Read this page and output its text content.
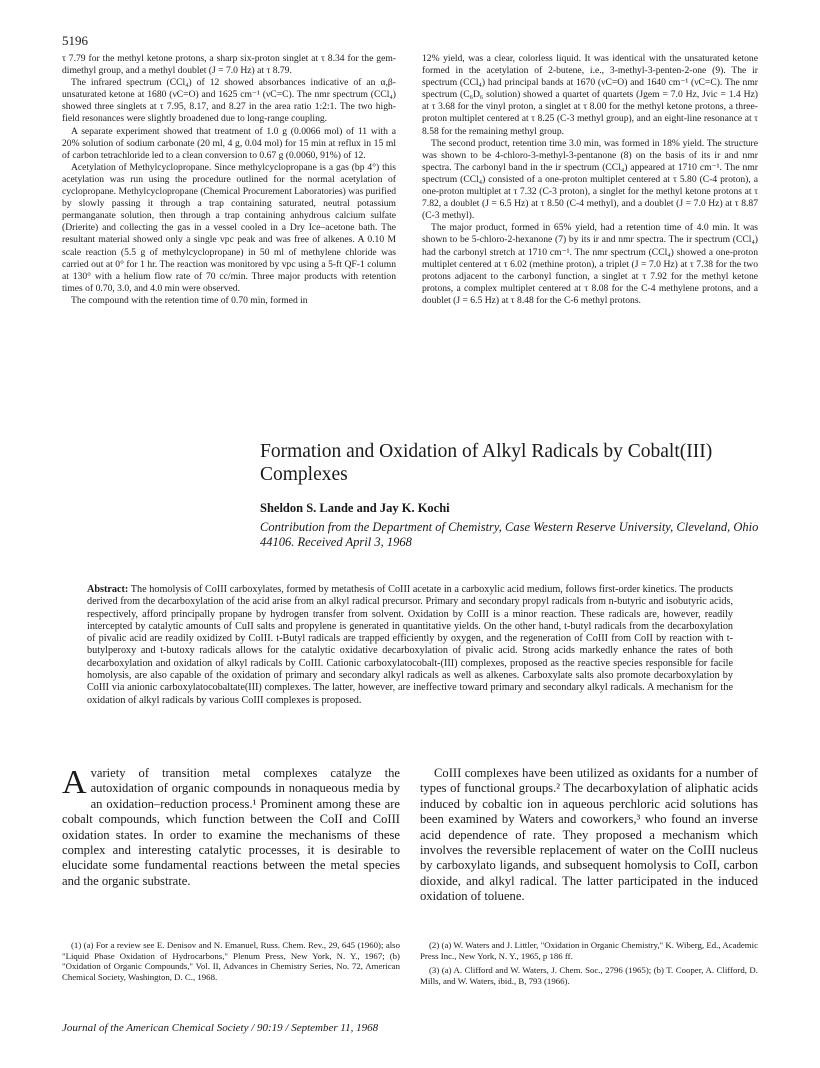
5196

τ 7.79 for the methyl ketone protons, a sharp six-proton singlet at τ 8.34 for the gem-dimethyl group, and a methyl doublet (J = 7.0 Hz) at τ 8.79.

The infrared spectrum (CCl₄) of 12 showed absorbances indicative of an α,β-unsaturated ketone at 1680 (νC=O) and 1625 cm⁻¹ (νC=C). The nmr spectrum (CCl₄) showed three singlets at τ 7.95, 8.17, and 8.27 in the area ratio 1:2:1. The two high-field resonances were slightly broadened due to long-range coupling.

A separate experiment showed that treatment of 1.0 g (0.0066 mol) of 11 with a 20% solution of sodium carbonate (20 ml, 4 g, 0.04 mol) for 15 min at reflux in 15 ml of carbon tetrachloride led to a clean conversion to 0.67 g (0.0060, 91%) of 12.

Acetylation of Methylcyclopropane. Since methylcyclopropane is a gas (bp 4°) this acetylation was run using the procedure outlined for the normal acetylation of cyclopropane. Methylcyclopropane (Chemical Procurement Laboratories) was purified by slowly passing it through a trap containing saturated, neutral potassium permanganate solution, then through a trap containing anhydrous calcium sulfate (Drierite) and collecting the gas in a vessel cooled in a Dry Ice–acetone bath. The resultant material showed only a single vpc peak and was free of alkenes. A 0.10 M scale reaction (5.5 g of methylcyclopropane) in 50 ml of methylene chloride was carried out at 0° for 1 hr. The reaction was monitored by vpc using a 5-ft QF-1 column at 130° with a helium flow rate of 70 cc/min. Three major products with retention times of 0.70, 3.0, and 4.0 min were observed.

The compound with the retention time of 0.70 min, formed in

12% yield, was a clear, colorless liquid. It was identical with the unsaturated ketone formed in the acetylation of 2-butene, i.e., 3-methyl-3-penten-2-one (9). The ir spectrum (CCl₄) had principal bands at 1670 (νC=O) and 1640 cm⁻¹ (νC=C). The nmr spectrum (C₆D₆ solution) showed a quartet of quartets (Jgem = 7.0 Hz, Jvic = 1.4 Hz) at τ 3.68 for the vinyl proton, a singlet at τ 8.00 for the methyl ketone protons, a three-proton multiplet centered at τ 8.25 (C-3 methyl group), and an eight-line resonance at τ 8.58 for the remaining methyl group.

The second product, retention time 3.0 min, was formed in 18% yield. The structure was shown to be 4-chloro-3-methyl-3-pentanone (8) on the basis of its ir and nmr spectra. The carbonyl band in the ir spectrum (CCl₄) appeared at 1710 cm⁻¹. The nmr spectrum (CCl₄) consisted of a one-proton multiplet centered at τ 5.80 (C-4 proton), a one-proton multiplet at τ 7.32 (C-3 proton), a singlet for the methyl ketone protons at τ 7.82, a doublet (J = 6.5 Hz) at τ 8.50 (C-4 methyl), and a doublet (J = 7.0 Hz) at τ 8.87 (C-3 methyl).

The major product, formed in 65% yield, had a retention time of 4.0 min. It was shown to be 5-chloro-2-hexanone (7) by its ir and nmr spectra. The ir spectrum (CCl₄) had the carbonyl stretch at 1710 cm⁻¹. The nmr spectrum (CCl₄) showed a one-proton multiplet centered at τ 6.02 (methine proton), a triplet (J = 7.0 Hz) at τ 7.38 for the two protons adjacent to the carbonyl function, a singlet at τ 7.92 for the methyl ketone protons, a complex multiplet centered at τ 8.08 for the C-4 methylene protons, and a doublet (J = 6.5 Hz) at τ 8.48 for the C-6 methyl protons.

Formation and Oxidation of Alkyl Radicals by Cobalt(III) Complexes
Sheldon S. Lande and Jay K. Kochi
Contribution from the Department of Chemistry, Case Western Reserve University, Cleveland, Ohio 44106. Received April 3, 1968
Abstract: The homolysis of CoIII carboxylates, formed by metathesis of CoIII acetate in a carboxylic acid medium, follows first-order kinetics. The products derived from the decarboxylation of the acid arise from an alkyl radical precursor. Primary and secondary propyl radicals from n-butyric and isobutyric acids, respectively, afford principally propane by hydrogen transfer from solvent. Oxidation by CoIII is a minor reaction. These radicals are, however, readily intercepted by catalytic amounts of CuII salts and propylene is generated in quantitative yields. On the other hand, t-butyl radicals from the decarboxylation of pivalic acid are readily oxidized by CoIII. t-Butyl radicals are trapped efficiently by oxygen, and the regeneration of CoIII from CoII by reaction with t-butylperoxy and t-butoxy radicals allows for the catalytic oxidative decarboxylation of pivalic acid. Strong acids markedly enhance the rates of both decarboxylation and oxidation of alkyl radicals by CoIII. Cationic carboxylatocobalt-(III) complexes, proposed as the reactive species responsible for facile homolysis, are also capable of the oxidation of primary and secondary alkyl radicals as well as alkenes. Carboxylate salts also promote decarboxylation by CoIII via anionic carboxylatocobaltate(III) complexes. The latter, however, are ineffective toward primary and secondary alkyl radicals. A mechanism for the oxidation of alkyl radicals by various CoIII complexes is proposed.

Avariety of transition metal complexes catalyze the autoxidation of organic compounds in nonaqueous media by an oxidation–reduction process.¹ Prominent among these are cobalt compounds, which function between the CoII and CoIII oxidation states. In order to examine the mechanisms of these complex and interesting catalytic processes, it is desirable to elucidate some fundamental reactions between the metal species and the organic substrate.

CoIII complexes have been utilized as oxidants for a number of types of functional groups.² The decarboxylation of aliphatic acids induced by cobaltic ion in aqueous perchloric acid solutions has been examined by Waters and coworkers,³ who found an inverse acid dependence of rate. They proposed a mechanism which involves the reversible replacement of water on the CoIII nucleus by carboxylato ligands, and subsequent homolysis to CoII, carbon dioxide, and alkyl radical. The latter participated in the induced oxidation of toluene.

(1) (a) For a review see E. Denisov and N. Emanuel, Russ. Chem. Rev., 29, 645 (1960); also "Liquid Phase Oxidation of Hydrocarbons," Plenum Press, New York, N. Y., 1967; (b) "Oxidation of Organic Compounds," Vol. II, Advances in Chemistry Series, No. 72, American Chemical Society, Washington, D. C., 1968.

(2) (a) W. Waters and J. Littler, "Oxidation in Organic Chemistry," K. Wiberg, Ed., Academic Press Inc., New York, N. Y., 1965, p 186 ff.

(3) (a) A. Clifford and W. Waters, J. Chem. Soc., 2796 (1965); (b) T. Cooper, A. Clifford, D. Mills, and W. Waters, ibid., B, 793 (1966).

Journal of the American Chemical Society / 90:19 / September 11, 1968
